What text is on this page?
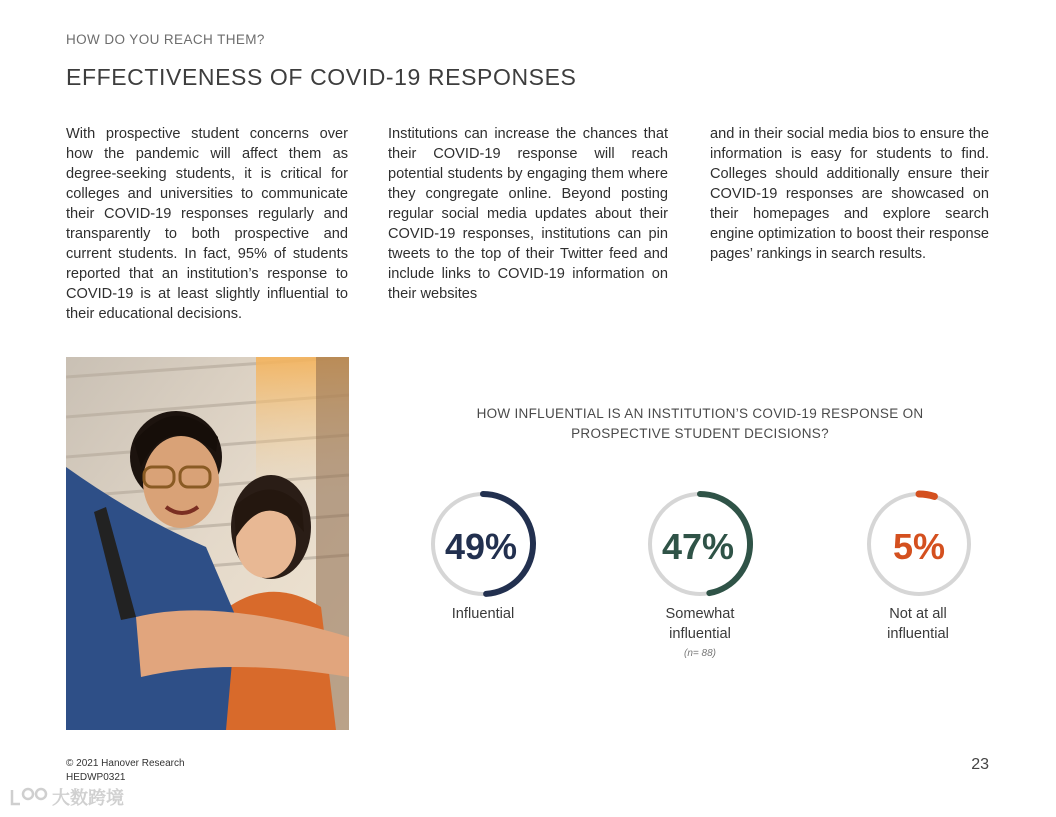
HOW DO YOU REACH THEM?
EFFECTIVENESS OF COVID-19 RESPONSES
With prospective student concerns over how the pandemic will affect them as degree-seeking students, it is critical for colleges and universities to communicate their COVID-19 responses regularly and transparently to both prospective and current students. In fact, 95% of students reported that an institution’s response to COVID-19 is at least slightly influential to their educational decisions.
Institutions can increase the chances that their COVID-19 response will reach potential students by engaging them where they congregate online. Beyond posting regular social media updates about their COVID-19 responses, institutions can pin tweets to the top of their Twitter feed and include links to COVID-19 information on their websites
and in their social media bios to ensure the information is easy for students to find. Colleges should additionally ensure their COVID-19 responses are showcased on their homepages and explore search engine optimization to boost their response pages’ rankings in search results.
HOW INFLUENTIAL IS AN INSTITUTION’S COVID-19 RESPONSE ON PROSPECTIVE STUDENT DECISIONS?
49%	47%	5%
Influential	Somewhat
influential
Not at all
influential
(n= 88)
© 2021 Hanover Research
HEDWP0321
23
大数跨境
